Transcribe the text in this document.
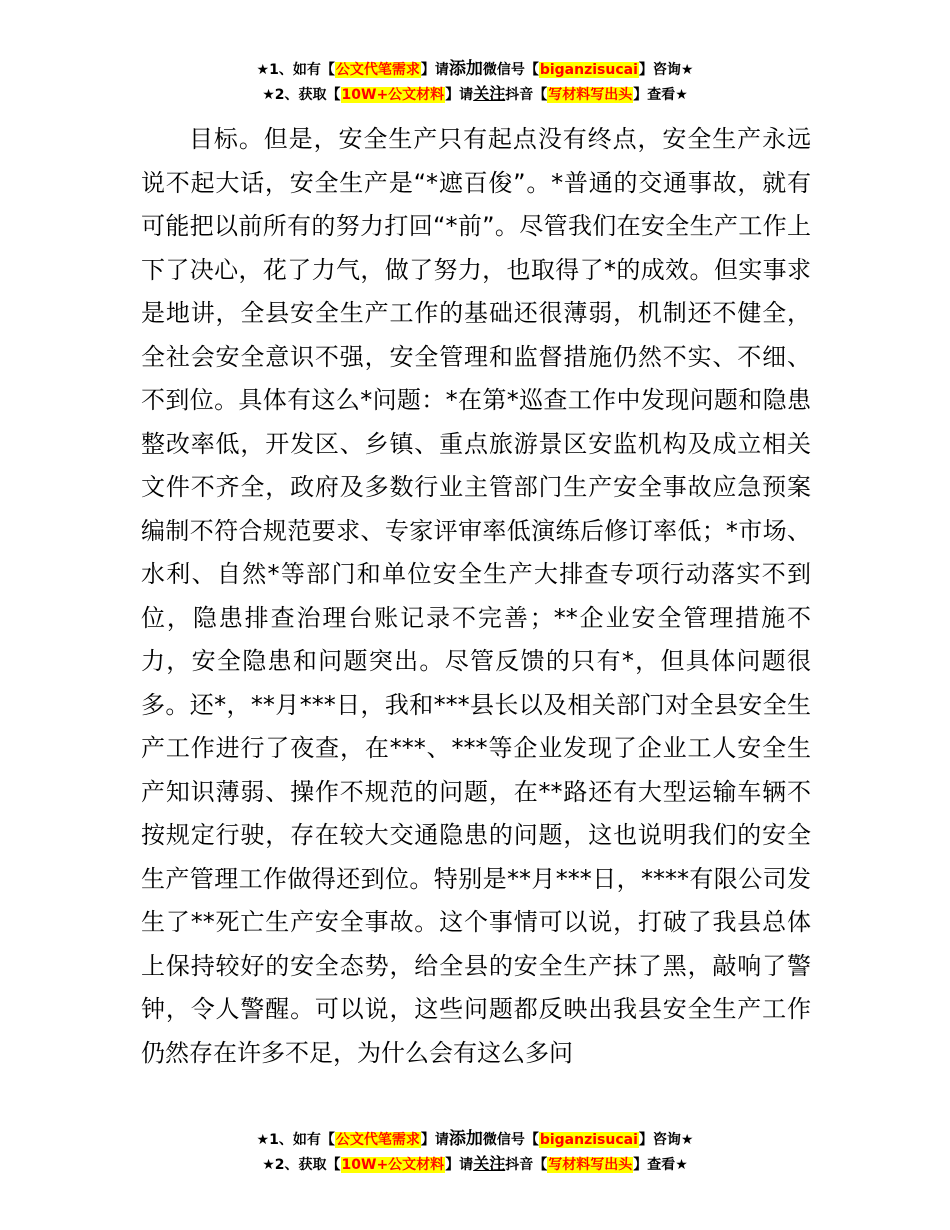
★1、如有【公文代笔需求】请添加微信号【biganzisucai】咨询★
★2、获取【10W+公文材料】请关注抖音【写材料写出头】查看★

目标。但是，安全生产只有起点没有终点，安全生产永远说不起大话，安全生产是“*遮百俊”。*普通的交通事故，就有可能把以前所有的努力打回“*前”。尽管我们在安全生产工作上下了决心，花了力气，做了努力，也取得了*的成效。但实事求是地讲，全县安全生产工作的基础还很薄弱，机制还不健全，全社会安全意识不强，安全管理和监督措施仍然不实、不细、不到位。具体有这么*问题：*在第*巡查工作中发现问题和隐患整改率低，开发区、乡镇、重点旅游景区安监机构及成立相关文件不齐全，政府及多数行业主管部门生产安全事故应急预案编制不符合规范要求、专家评审率低演练后修订率低；*市场、水利、自然*等部门和单位安全生产大排查专项行动落实不到位，隐患排查治理台账记录不完善；**企业安全管理措施不力，安全隐患和问题突出。尽管反馈的只有*，但具体问题很多。还*，**月***日，我和***县长以及相关部门对全县安全生产工作进行了夜查，在***、***等企业发现了企业工人安全生产知识薄弱、操作不规范的问题，在**路还有大型运输车辆不按规定行驶，存在较大交通隐患的问题，这也说明我们的安全生产管理工作做得还到位。特别是**月***日，****有限公司发生了**死亡生产安全事故。这个事情可以说，打破了我县总体上保持较好的安全态势，给全县的安全生产抹了黑，敲响了警钟，令人警醒。可以说，这些问题都反映出我县安全生产工作仍然存在许多不足，为什么会有这么多问

★1、如有【公文代笔需求】请添加微信号【biganzisucai】咨询★
★2、获取【10W+公文材料】请关注抖音【写材料写出头】查看★
